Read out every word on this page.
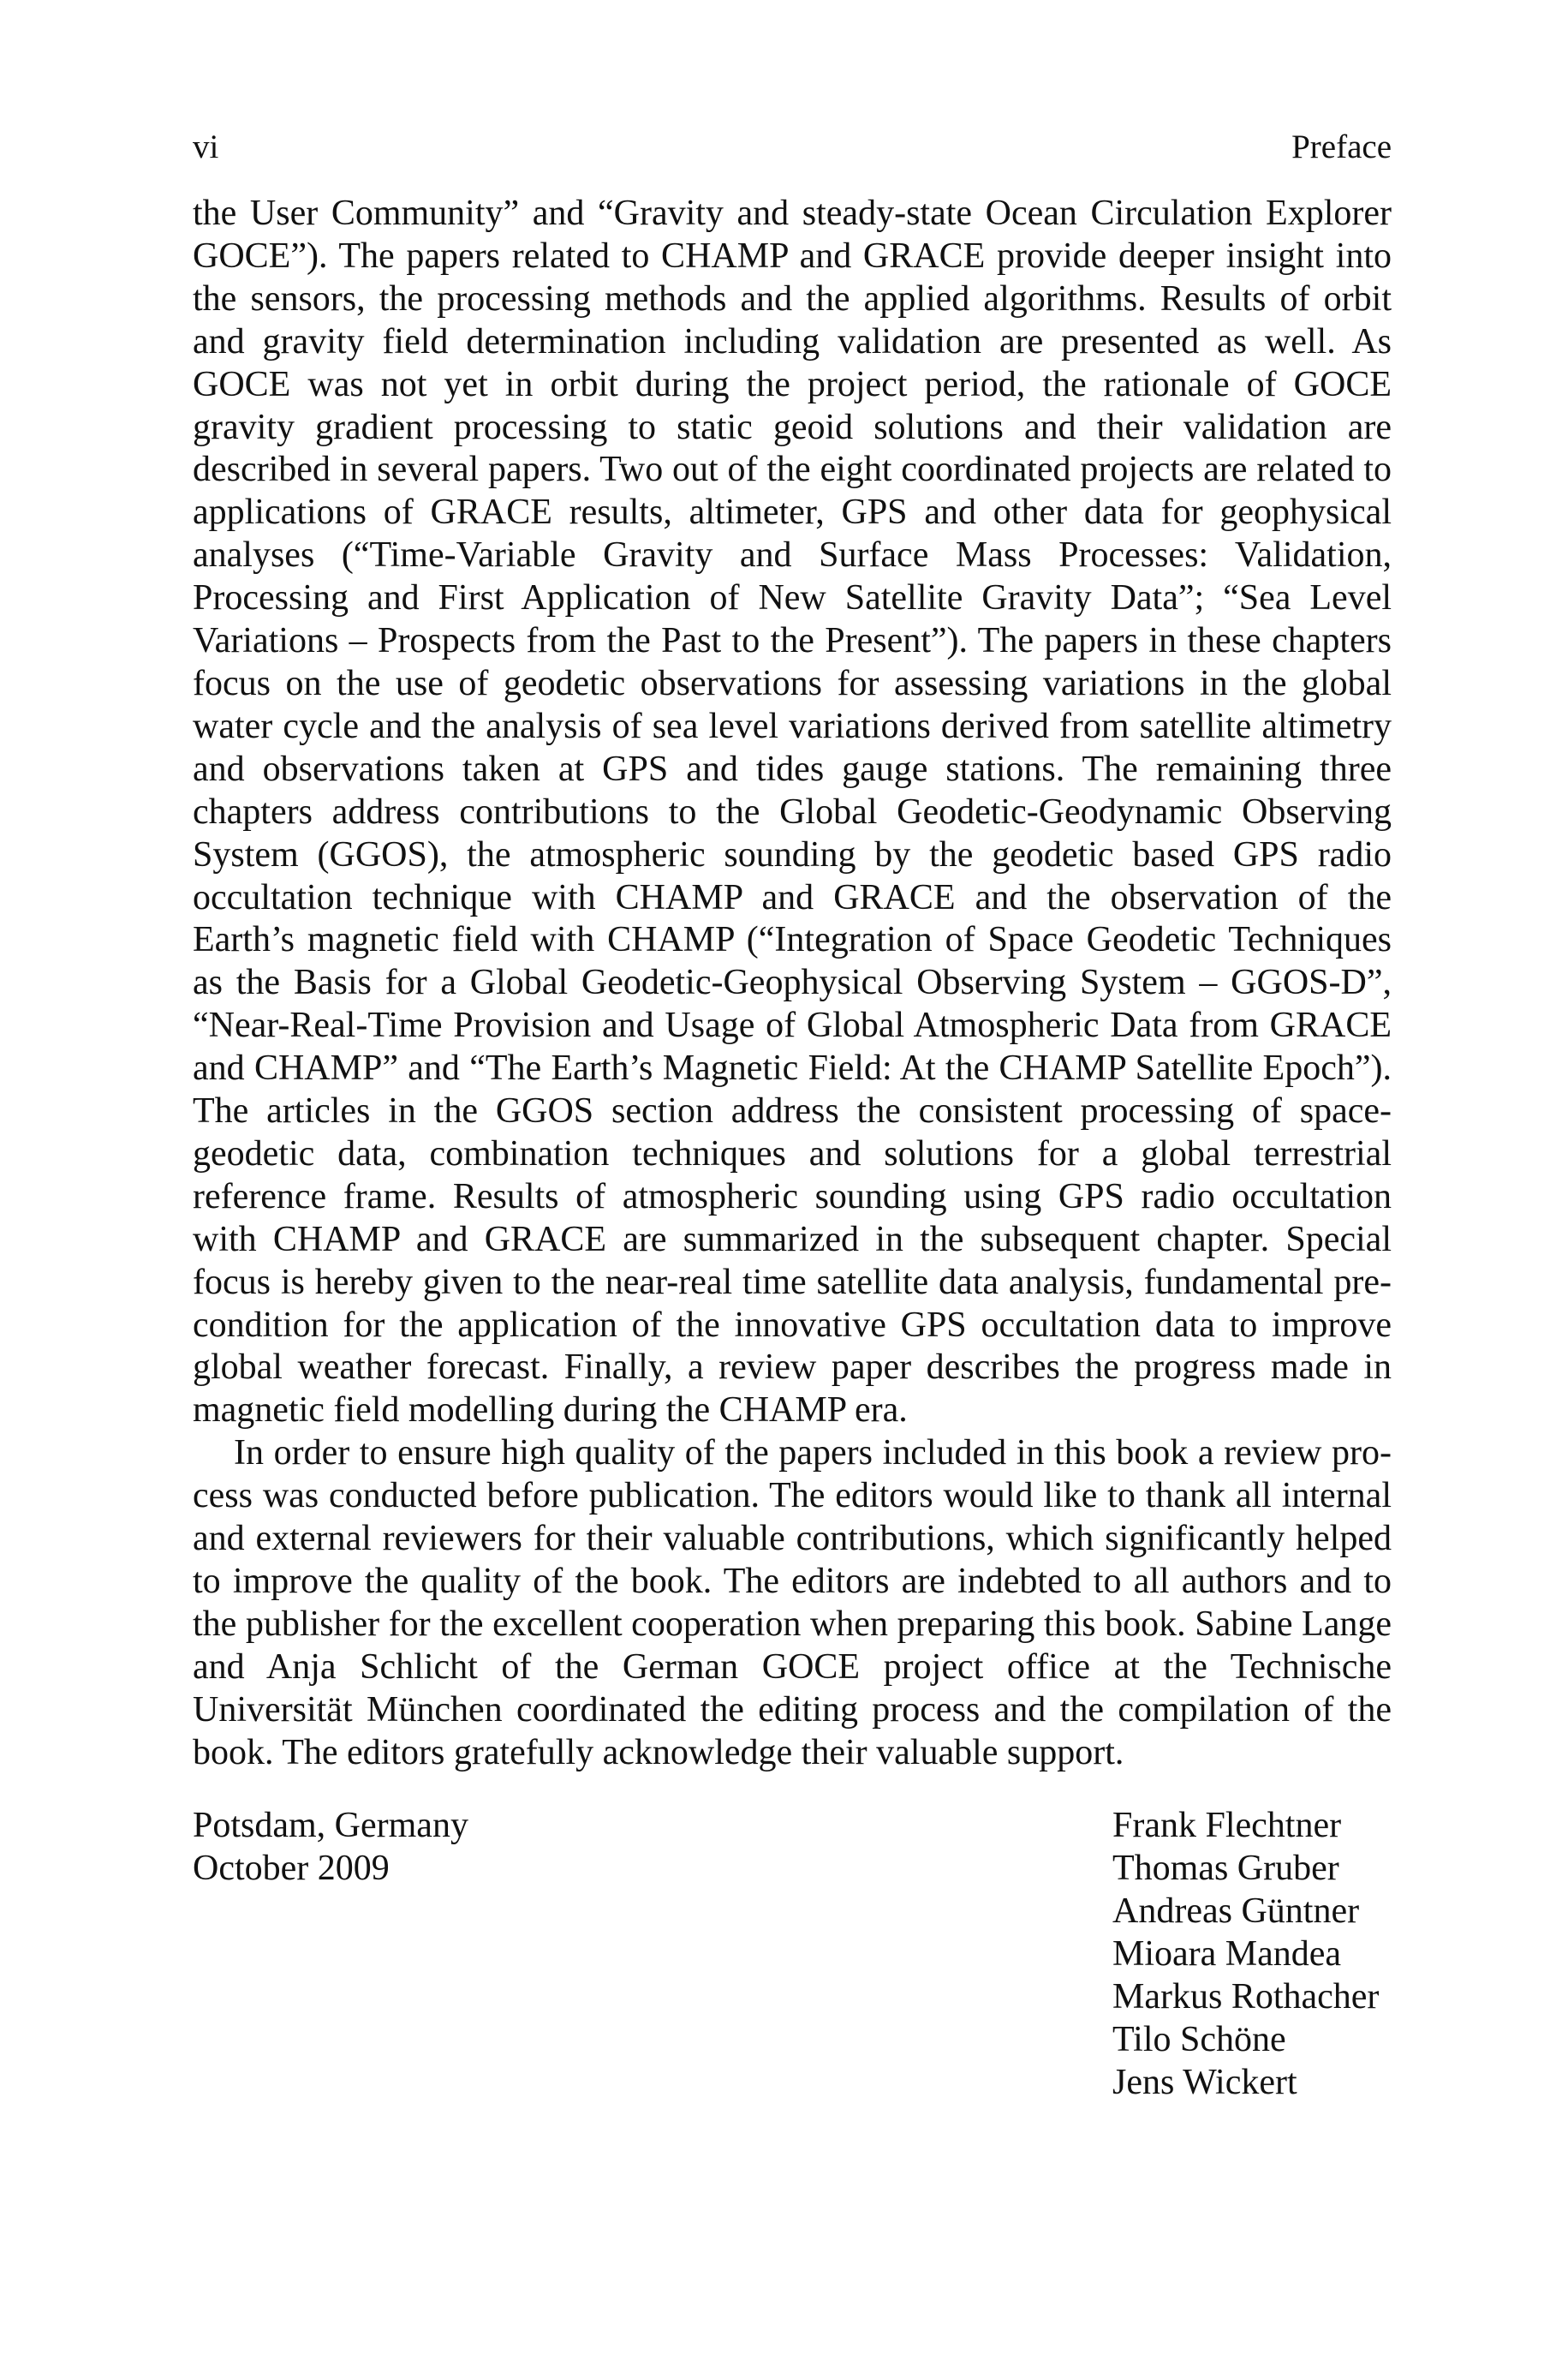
vi	Preface

the User Community” and “Gravity and steady-state Ocean Circulation Explorer GOCE”). The papers related to CHAMP and GRACE provide deeper insight into the sensors, the processing methods and the applied algorithms. Results of orbit and gravity field determination including validation are presented as well. As GOCE was not yet in orbit during the project period, the rationale of GOCE gravity gradient processing to static geoid solutions and their validation are described in several papers. Two out of the eight coordinated projects are related to applications of GRACE results, altimeter, GPS and other data for geophysical analyses (“Time-Variable Gravity and Surface Mass Processes: Validation, Processing and First Application of New Satellite Gravity Data”; “Sea Level Variations – Prospects from the Past to the Present”). The papers in these chapters focus on the use of geodetic observations for assessing variations in the global water cycle and the analysis of sea level variations derived from satellite altimetry and observations taken at GPS and tides gauge stations. The remaining three chapters address contributions to the Global Geodetic-Geodynamic Observing System (GGOS), the atmospheric sounding by the geodetic based GPS radio occultation technique with CHAMP and GRACE and the observation of the Earth’s magnetic field with CHAMP (“Integration of Space Geodetic Techniques as the Basis for a Global Geodetic-Geophysical Observing System – GGOS-D”, “Near-Real-Time Provision and Usage of Global Atmospheric Data from GRACE and CHAMP” and “The Earth’s Magnetic Field: At the CHAMP Satellite Epoch”). The articles in the GGOS section address the consistent processing of space-geodetic data, combination techniques and solutions for a global terrestrial reference frame. Results of atmospheric sounding using GPS radio occultation with CHAMP and GRACE are summarized in the subsequent chapter. Special focus is hereby given to the near-real time satellite data analysis, fundamental precondition for the application of the innovative GPS occultation data to improve global weather forecast. Finally, a review paper describes the progress made in magnetic field modelling during the CHAMP era.

In order to ensure high quality of the papers included in this book a review process was conducted before publication. The editors would like to thank all internal and external reviewers for their valuable contributions, which significantly helped to improve the quality of the book. The editors are indebted to all authors and to the publisher for the excellent cooperation when preparing this book. Sabine Lange and Anja Schlicht of the German GOCE project office at the Technische Universität München coordinated the editing process and the compilation of the book. The editors gratefully acknowledge their valuable support.

Potsdam, Germany
October 2009
Frank Flechtner
Thomas Gruber
Andreas Güntner
Mioara Mandea
Markus Rothacher
Tilo Schöne
Jens Wickert
